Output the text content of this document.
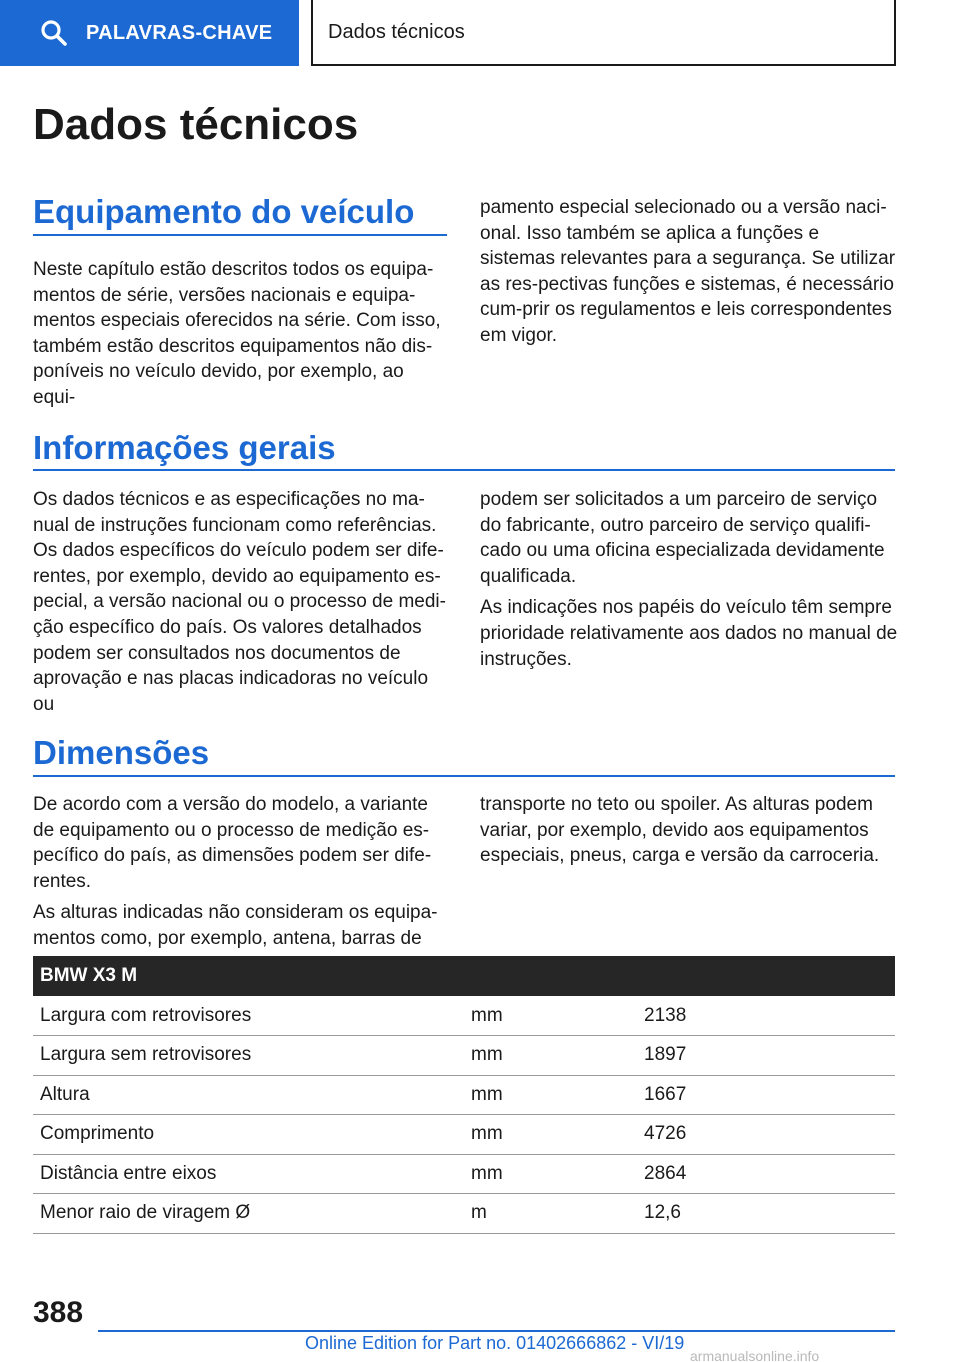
PALAVRAS-CHAVE	Dados técnicos
Dados técnicos
Equipamento do veículo
Neste capítulo estão descritos todos os equipa-mentos de série, versões nacionais e equipa-mentos especiais oferecidos na série. Com isso, também estão descritos equipamentos não dis-poníveis no veículo devido, por exemplo, ao equi-
pamento especial selecionado ou a versão naci-onal. Isso também se aplica a funções e sistemas relevantes para a segurança. Se utilizar as res-pectivas funções e sistemas, é necessário cum-prir os regulamentos e leis correspondentes em vigor.
Informações gerais
Os dados técnicos e as especificações no ma-nual de instruções funcionam como referências. Os dados específicos do veículo podem ser dife-rentes, por exemplo, devido ao equipamento es-pecial, a versão nacional ou o processo de medi-ção específico do país. Os valores detalhados podem ser consultados nos documentos de aprovação e nas placas indicadoras no veículo ou

podem ser solicitados a um parceiro de serviço do fabricante, outro parceiro de serviço qualifi-cado ou uma oficina especializada devidamente qualificada.

As indicações nos papéis do veículo têm sempre prioridade relativamente aos dados no manual de instruções.

Dimensões

De acordo com a versão do modelo, a variante de equipamento ou o processo de medição es-pecífico do país, as dimensões podem ser dife-rentes.

As alturas indicadas não consideram os equipa-mentos como, por exemplo, antena, barras de

transporte no teto ou spoiler. As alturas podem variar, por exemplo, devido aos equipamentos especiais, pneus, carga e versão da carroceria.
BMW X3 M		
Largura com retrovisores	mm	2138
Largura sem retrovisores	mm	1897
Altura	mm	1667
Comprimento	mm	4726
Distância entre eixos	mm	2864
Menor raio de viragem Ø	m	12,6
388
Online Edition for Part no. 01402666862 - VI/19
armanualsonline.info
